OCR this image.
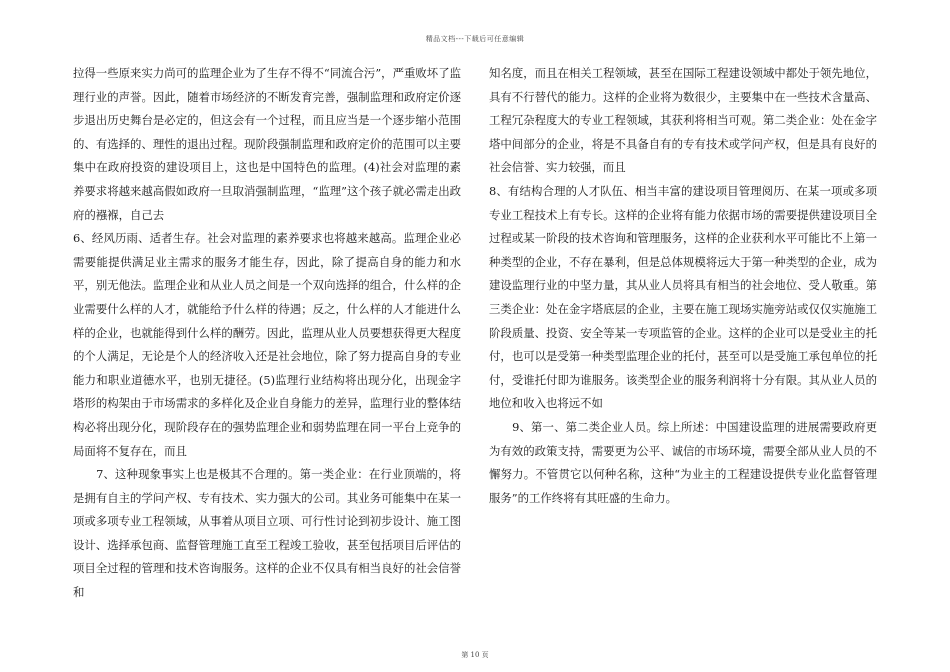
精品文档---下载后可任意编辑

拉得一些原来实力尚可的监理企业为了生存不得不“同流合污”，严重败坏了监理行业的声誉。因此，随着市场经济的不断发育完善，强制监理和政府定价逐步退出历史舞台是必定的，但这会有一个过程，而且应当是一个逐步缩小范围的、有选择的、理性的退出过程。现阶段强制监理和政府定价的范围可以主要集中在政府投资的建设项目上，这也是中国特色的监理。(4)社会对监理的素养要求将越来越高假如政府一旦取消强制监理，“监理”这个孩子就必需走出政府的襁褓，自己去

6、经风历雨、适者生存。社会对监理的素养要求也将越来越高。监理企业必需要能提供满足业主需求的服务才能生存，因此，除了提高自身的能力和水平，别无他法。监理企业和从业人员之间是一个双向选择的组合，什么样的企业需要什么样的人才，就能给予什么样的待遇；反之，什么样的人才能进什么样的企业，也就能得到什么样的酬劳。因此，监理从业人员要想获得更大程度的个人满足，无论是个人的经济收入还是社会地位，除了努力提高自身的专业能力和职业道德水平，也别无捷径。(5)监理行业结构将出现分化，出现金字塔形的构架由于市场需求的多样化及企业自身能力的差异，监理行业的整体结构必将出现分化，现阶段存在的强势监理企业和弱势监理在同一平台上竞争的局面将不复存在，而且

　　7、这种现象事实上也是极其不合理的。第一类企业：在行业顶端的，将是拥有自主的学问产权、专有技术、实力强大的公司。其业务可能集中在某一项或多项专业工程领域，从事着从项目立项、可行性讨论到初步设计、施工图设计、选择承包商、监督管理施工直至工程竣工验收，甚至包括项目后评估的项目全过程的管理和技术咨询服务。这样的企业不仅具有相当良好的社会信誉和

知名度，而且在相关工程领域，甚至在国际工程建设领域中都处于领先地位，具有不行替代的能力。这样的企业将为数很少，主要集中在一些技术含量高、工程冗杂程度大的专业工程领域，其获利将相当可观。第二类企业：处在金字塔中间部分的企业，将是不具备自有的专有技术或学问产权，但是具有良好的社会信誉、实力较强，而且

8、有结构合理的人才队伍、相当丰富的建设项目管理阅历、在某一项或多项专业工程技术上有专长。这样的企业将有能力依据市场的需要提供建设项目全过程或某一阶段的技术咨询和管理服务，这样的企业获利水平可能比不上第一种类型的企业，不存在暴利，但是总体规模将远大于第一种类型的企业，成为建设监理行业的中坚力量，其从业人员将具有相当的社会地位、受人敬重。第三类企业：处在金字塔底层的企业，主要在施工现场实施旁站或仅仅实施施工阶段质量、投资、安全等某一专项监管的企业。这样的企业可以是受业主的托付，也可以是受第一种类型监理企业的托付，甚至可以是受施工承包单位的托付，受谁托付即为谁服务。该类型企业的服务利润将十分有限。其从业人员的地位和收入也将远不如

　　9、第一、第二类企业人员。综上所述：中国建设监理的进展需要政府更为有效的政策支持，需要更为公平、诚信的市场环境，需要全部从业人员的不懈努力。不管贯它以何种名称，这种“为业主的工程建设提供专业化监督管理服务”的工作终将有其旺盛的生命力。

第 10 页
